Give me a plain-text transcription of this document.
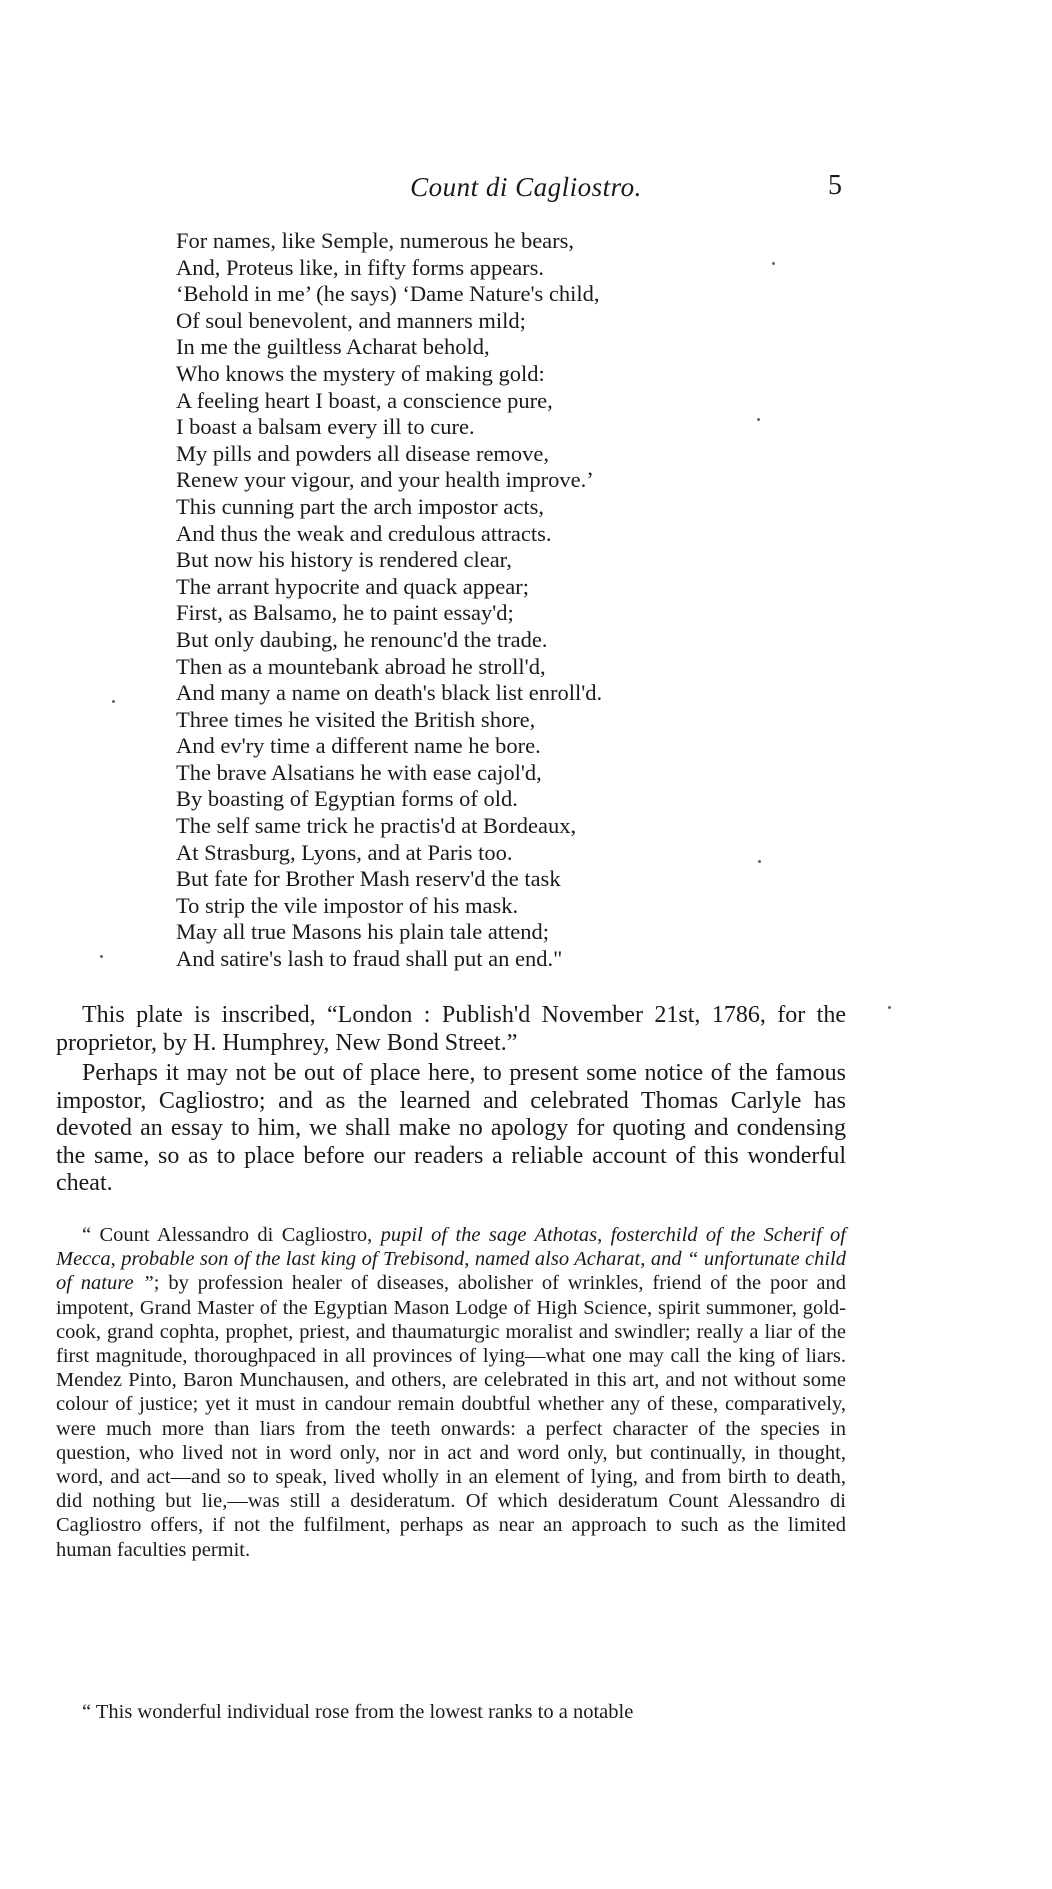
Count di Cagliostro.	5
For names, like Semple, numerous he bears,
And, Proteus like, in fifty forms appears.
‘Behold in me’ (he says) ‘Dame Nature's child,
Of soul benevolent, and manners mild;
In me the guiltless Acharat behold,
Who knows the mystery of making gold:
A feeling heart I boast, a conscience pure,
I boast a balsam every ill to cure.
My pills and powders all disease remove,
Renew your vigour, and your health improve.’
This cunning part the arch impostor acts,
And thus the weak and credulous attracts.
But now his history is rendered clear,
The arrant hypocrite and quack appear;
First, as Balsamo, he to paint essay'd;
But only daubing, he renounc'd the trade.
Then as a mountebank abroad he stroll'd,
And many a name on death's black list enroll'd.
Three times he visited the British shore,
And ev'ry time a different name he bore.
The brave Alsatians he with ease cajol'd,
By boasting of Egyptian forms of old.
The self same trick he practis'd at Bordeaux,
At Strasburg, Lyons, and at Paris too.
But fate for Brother Mash reserv'd the task
To strip the vile impostor of his mask.
May all true Masons his plain tale attend;
And satire's lash to fraud shall put an end."

This plate is inscribed, “London : Publish'd November 21st, 1786, for the proprietor, by H. Humphrey, New Bond Street.”

Perhaps it may not be out of place here, to present some notice of the famous impostor, Cagliostro; and as the learned and celebrated Thomas Carlyle has devoted an essay to him, we shall make no apology for quoting and condensing the same, so as to place before our readers a reliable account of this wonderful cheat.

“ Count Alessandro di Cagliostro, pupil of the sage Athotas, fosterchild of the Scherif of Mecca, probable son of the last king of Trebisond, named also Acharat, and “ unfortunate child of nature ”; by profession healer of diseases, abolisher of wrinkles, friend of the poor and impotent, Grand Master of the Egyptian Mason Lodge of High Science, spirit summoner, gold-cook, grand cophta, prophet, priest, and thaumaturgic moralist and swindler; really a liar of the first magnitude, thoroughpaced in all provinces of lying—what one may call the king of liars. Mendez Pinto, Baron Munchausen, and others, are celebrated in this art, and not without some colour of justice; yet it must in candour remain doubtful whether any of these, comparatively, were much more than liars from the teeth onwards: a perfect character of the species in question, who lived not in word only, nor in act and word only, but continually, in thought, word, and act—and so to speak, lived wholly in an element of lying, and from birth to death, did nothing but lie,—was still a desideratum. Of which desideratum Count Alessandro di Cagliostro offers, if not the fulfilment, perhaps as near an approach to such as the limited human faculties permit.

“ This wonderful individual rose from the lowest ranks to a notable
